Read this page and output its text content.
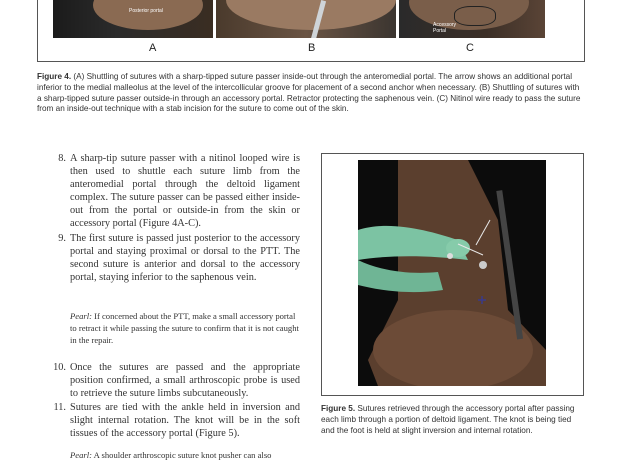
Posterior portal
Accessory Portal
A	B	C
Figure 4. (A) Shuttling of sutures with a sharp-tipped suture passer inside-out through the anteromedial portal. The arrow shows an additional portal inferior to the medial malleolus at the level of the intercollicular groove for placement of a second anchor when necessary. (B) Shuttling of sutures with a sharp-tipped suture passer outside-in through an accessory portal. Retractor protecting the saphenous vein. (C) Nitinol wire ready to pass the suture from an inside-out technique with a stab incision for the suture to come out of the skin.
8. A sharp-tip suture passer with a nitinol looped wire is then used to shuttle each suture limb from the anteromedial portal through the deltoid ligament complex. The suture passer can be passed either inside-out from the portal or outside-in from the skin or accessory portal (Figure 4A-C).
9. The first suture is passed just posterior to the accessory portal and staying proximal or dorsal to the PTT. The second suture is anterior and dorsal to the accessory portal, staying inferior to the saphenous vein.
Pearl: If concerned about the PTT, make a small accessory portal to retract it while passing the suture to confirm that it is not caught in the repair.
10. Once the sutures are passed and the appropriate position confirmed, a small arthroscopic probe is used to retrieve the suture limbs subcutaneously.
11. Sutures are tied with the ankle held in inversion and slight internal rotation. The knot will be in the soft tissues of the accessory portal (Figure 5).
Pearl: A shoulder arthroscopic suture knot pusher can also
Figure 5. Sutures retrieved through the accessory portal after passing each limb through a portion of deltoid ligament. The knot is being tied and the foot is held at slight inversion and internal rotation.
